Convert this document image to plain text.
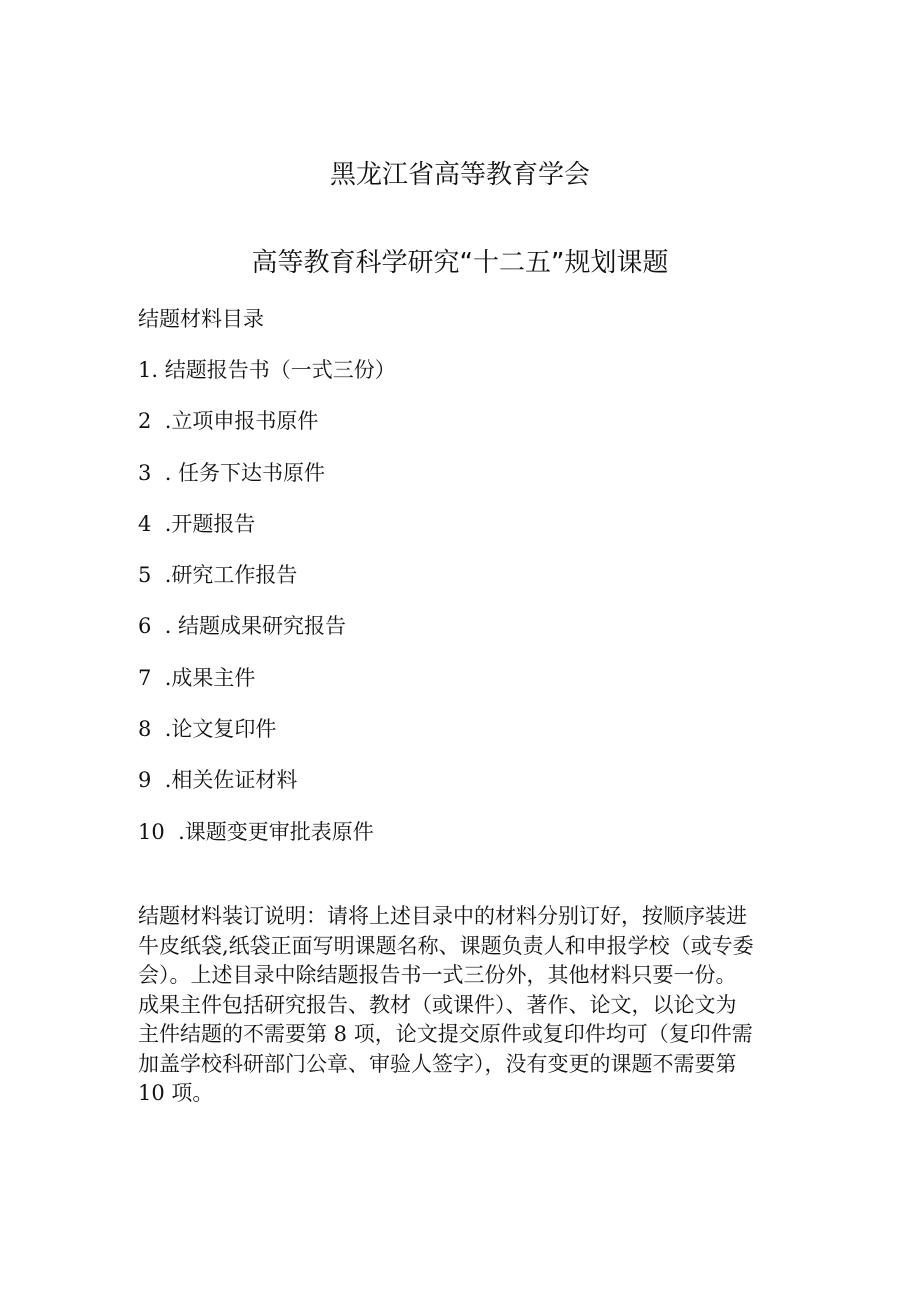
黑龙江省高等教育学会
高等教育科学研究“十二五”规划课题

结题材料目录

1. 结题报告书（一式三份）
2  .立项申报书原件
3  . 任务下达书原件
4  .开题报告
5  .研究工作报告
6  . 结题成果研究报告
7  .成果主件
8  .论文复印件
9  .相关佐证材料
10  .课题变更审批表原件

结题材料装订说明：请将上述目录中的材料分别订好，按顺序装进
牛皮纸袋,纸袋正面写明课题名称、课题负责人和申报学校（或专委
会）。上述目录中除结题报告书一式三份外，其他材料只要一份。
成果主件包括研究报告、教材（或课件）、著作、论文，以论文为
主件结题的不需要第 8 项，论文提交原件或复印件均可（复印件需
加盖学校科研部门公章、审验人签字），没有变更的课题不需要第
10 项。
